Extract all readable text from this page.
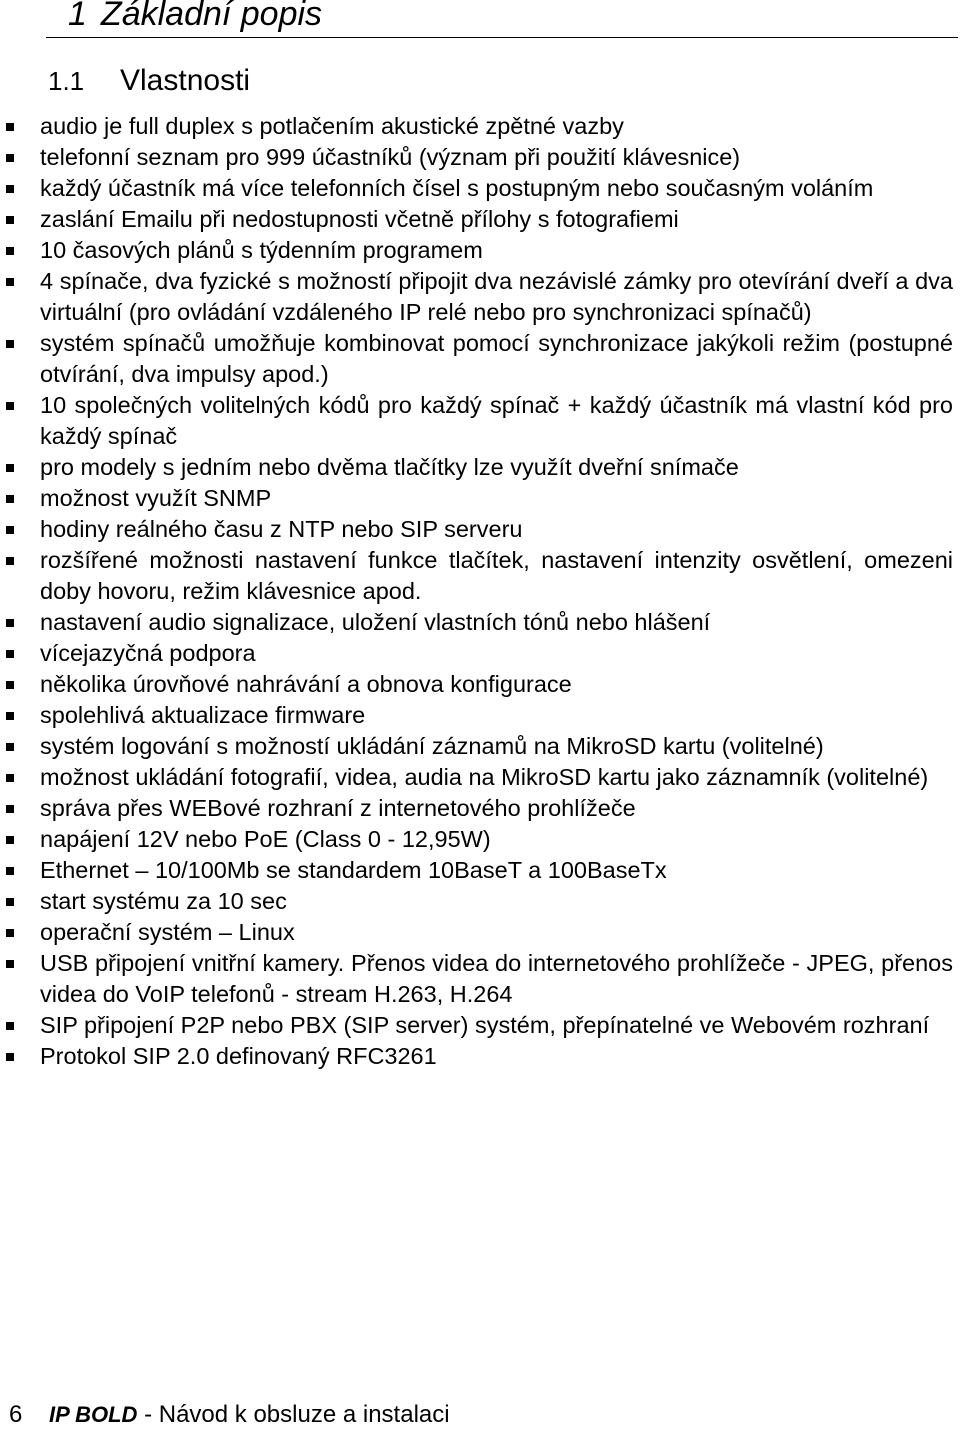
1 Základní popis
1.1 Vlastnosti
audio je full duplex s potlačením akustické zpětné vazby
telefonní seznam pro 999 účastníků (význam při použití klávesnice)
každý účastník má více telefonních čísel s postupným nebo současným voláním
zaslání Emailu při nedostupnosti včetně přílohy s fotografiemi
10 časových plánů s týdenním programem
4 spínače, dva fyzické s možností připojit dva nezávislé zámky pro otevírání dveří a dva virtuální (pro ovládání vzdáleného IP relé nebo pro synchronizaci spínačů)
systém spínačů umožňuje kombinovat pomocí synchronizace jakýkoli režim (postupné otvírání, dva impulsy apod.)
10 společných volitelných kódů pro každý spínač + každý účastník má vlastní kód pro každý spínač
pro modely s jedním nebo dvěma tlačítky lze využít dveřní snímače
možnost využít SNMP
hodiny reálného času z NTP nebo SIP serveru
rozšířené možnosti nastavení funkce tlačítek, nastavení intenzity osvětlení, omezeni doby hovoru, režim klávesnice apod.
nastavení audio signalizace, uložení vlastních tónů nebo hlášení
vícejazyčná podpora
několika úrovňové nahrávání a obnova konfigurace
spolehlivá aktualizace firmware
systém logování s možností ukládání záznamů na MikroSD kartu (volitelné)
možnost ukládání fotografií, videa, audia na MikroSD kartu jako záznamník (volitelné)
správa přes WEBové rozhraní z internetového prohlížeče
napájení 12V nebo PoE (Class 0 - 12,95W)
Ethernet – 10/100Mb se standardem 10BaseT a 100BaseTx
start systému za 10 sec
operační systém – Linux
USB připojení vnitřní kamery. Přenos videa do internetového prohlížeče - JPEG, přenos videa do VoIP telefonů - stream H.263, H.264
SIP připojení P2P nebo PBX (SIP server) systém, přepínatelné ve Webovém rozhraní
Protokol SIP 2.0 definovaný RFC3261
6 IP BOLD - Návod k obsluze a instalaci
